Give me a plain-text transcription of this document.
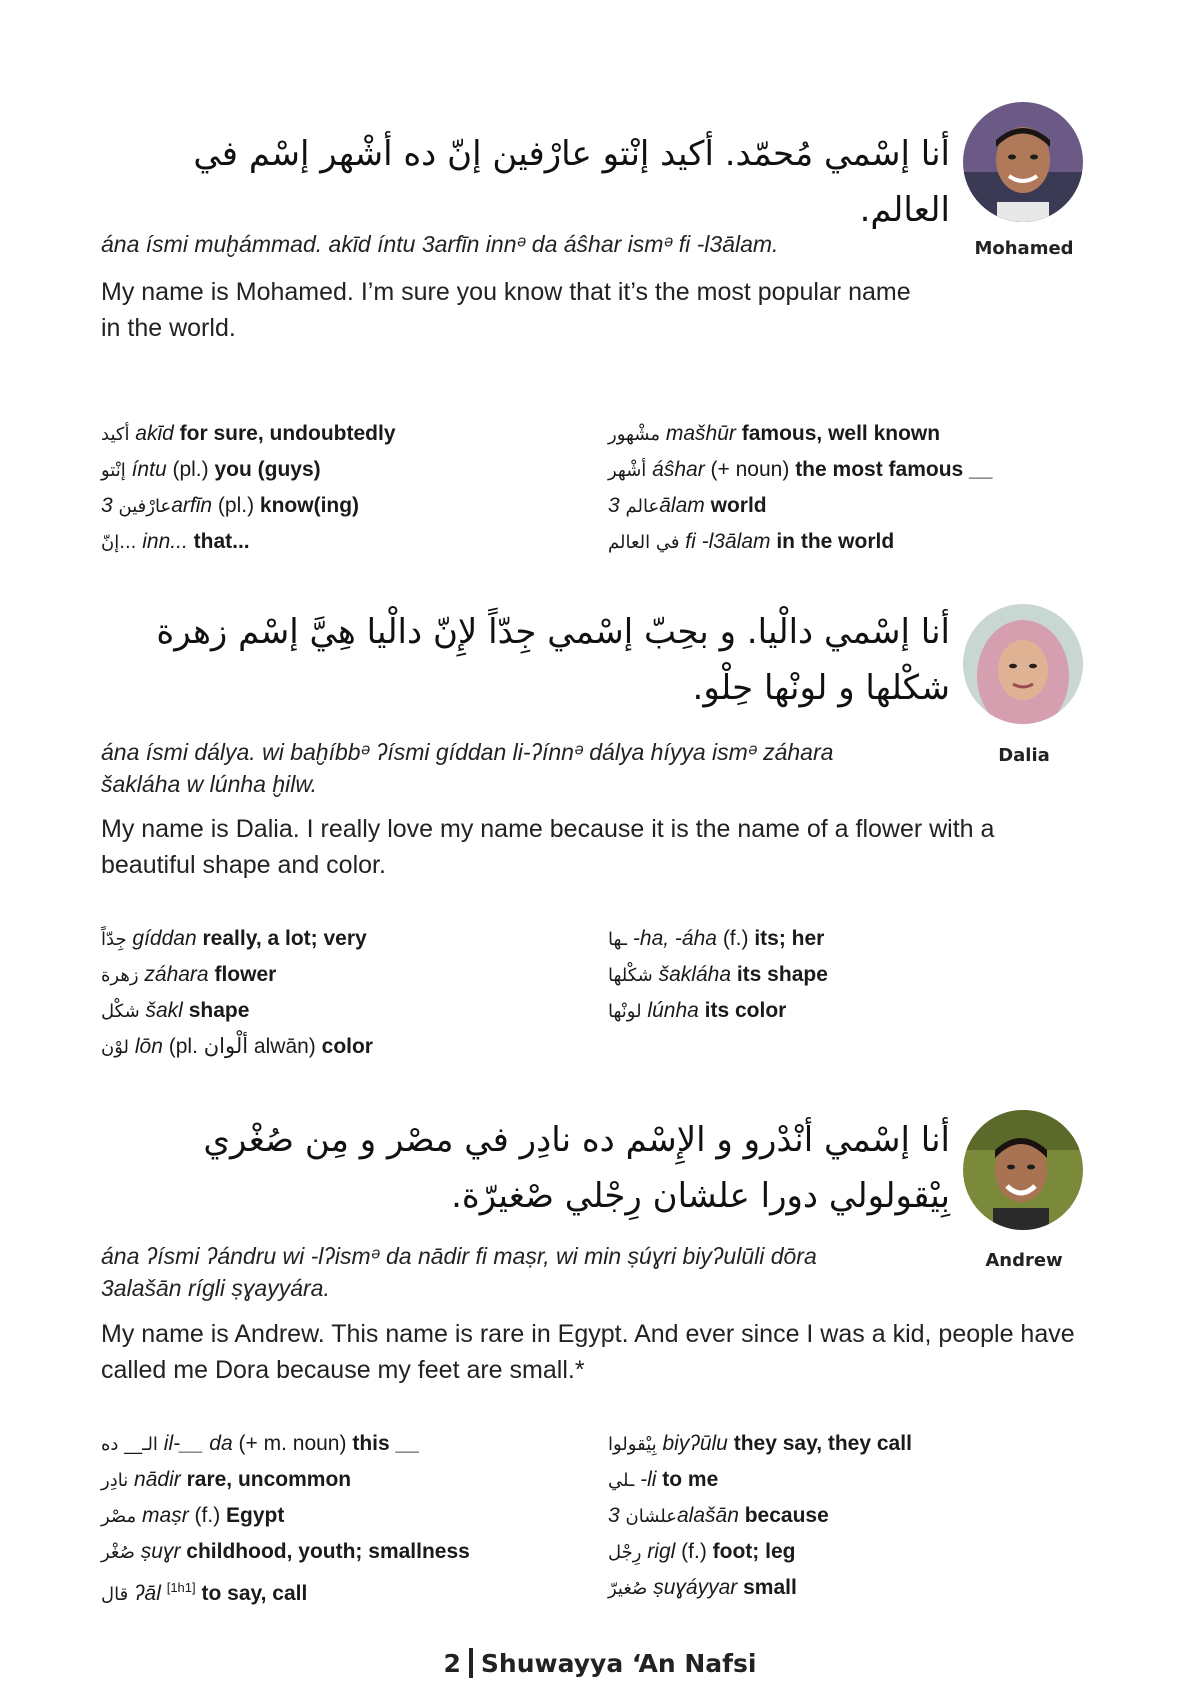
أنا إسْمي مُحمّد. أكيد إنْتو عارْفين إنّ ده أشْهر إسْم في العالم.
Mohamed
ána ísmi muḫámmad. akīd íntu 3arfīn innᵊ da áŝhar ismᵊ fi -l3ālam.
My name is Mohamed. I’m sure you know that it’s the most popular name in the world.
أكيد akīd for sure, undoubtedly
إنْتو íntu (pl.) you (guys)
عارْفين 3arfīn (pl.) know(ing)
إنّ... inn... that...
مشْهور mašhūr famous, well known
أشْهر áŝhar (+ noun) the most famous __
عالم 3ālam world
في العالم fi -l3ālam in the world
أنا إسْمي دالْيا. و بحِبّ إسْمي جِدّاً لإِنّ دالْيا هِيَّ إسْم زهرة شكْلها و لونْها حِلْو.
Dalia
ána ísmi dálya. wi baḫíbbᵊ ʔísmi gíddan li-ʔínnᵊ dálya híyya ismᵊ záhara šakláha w lúnha ḫilw.
My name is Dalia. I really love my name because it is the name of a flower with a beautiful shape and color.
جِدّاً gíddan really, a lot; very
زهرة záhara flower
شكْل šakl shape
لوْن lōn (pl. ألْوان alwān) color
ـها -ha, -áha (f.) its; her
شكْلها šakláha its shape
لونْها lúnha its color
أنا إسْمي أنْدْرو و الإِسْم ده نادِر في مصْر و مِن صُغْري بِيْقولولي دورا علشان رِجْلي صْغيرّة.
Andrew
ána ʔísmi ʔándru wi -lʔismᵊ da nādir fi maṣr, wi min ṣúɣri biyʔulūli dōra 3alašān rígli ṣɣayyára.
My name is Andrew. This name is rare in Egypt. And ever since I was a kid, people have called me Dora because my feet are small.*
الـ__ ده il-__ da (+ m. noun) this __
نادِر nādir rare, uncommon
مصْر maṣr (f.) Egypt
صُغْر ṣuɣr childhood, youth; smallness
قال ʔāl [1h1] to say, call
بِيْقولوا biyʔūlu they say, they call
ـلي -li to me
علشان 3alašān because
رِجْل rigl (f.) foot; leg
صُغيرّ ṣuɣáyyar small
2 Shuwayya ‘An Nafsi
